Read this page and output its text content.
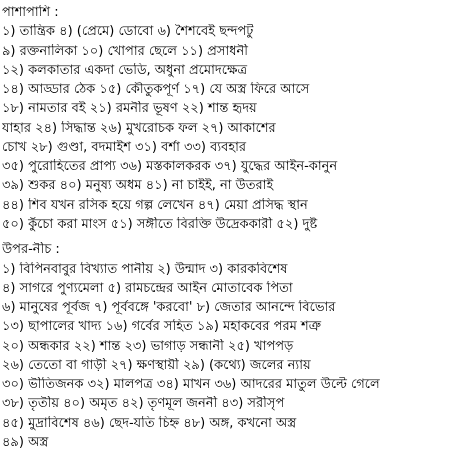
পাশাপাশি :
১) তান্ত্রিক ৪) (প্রেমে) ডোবো ৬) শৈশবেই ছন্দপটু
৯) রক্তনালিকা ১০) খোপার ছেলে ১১) প্রসাধনী
১২) কলকাতার একদা ভেডি, অধুনা প্রমোদক্ষেত্র
১৪) আড্ডার ঠেক ১৫) কৌতুকপূর্ণ ১৭) যে অস্ত্র ফিরে আসে
১৮) নামতার বই ২১) রমনীর ভূষণ ২২) শান্ত হৃদয়
যাহার ২৪) সিদ্ধান্ত ২৬) মুখরোচক ফল ২৭) আকাশের
চোখ ২৮) গুণ্ডা, বদমাইশ ৩১) বর্শা ৩৩) ব্যবহার
৩৫) পুরোহিতের প্রাপ্য ৩৬) মস্তকালকরক ৩৭) যুদ্ধের আইন-কানুন
৩৯) শুকর ৪০) মনুষ্য অধম ৪১) না চাইই, না উতরাই
৪৪) শিব যখন রসিক হয়ে গল্প লেখেন ৪৭) মেয়া প্রসিদ্ধ স্থান
৫০) কুঁচো করা মাংস ৫১) সঙ্গীতে বিরক্তি উদ্রেককারী ৫২) দুষ্ট
উপর-নীচ :
১) বিপিনবাবুর বিখ্যাত পানীয় ২) উন্মাদ ৩) কারকবিশেষ
৪) সাগরে পুণ্যমেলা ৫) রামচন্দ্রের আইন মোতাবেক পিতা
৬) মানুষের পূর্বজ ৭) পূর্ববঙ্গে 'করবো' ৮) জেতার আনন্দে বিভোর
১৩) ছাপালের খাদ্য ১৬) গর্বের সহিত ১৯) মহাকবের পরম শত্রু
২০) অন্ধকার ২২) শান্ত ২৩) ভাগাড় সন্ধানী ২৫) খাপপড়
২৬) তেতো বা গাড়ী ২৭) ক্ষণস্থায়ী ২৯) (কথ্যে) জলের ন্যায়
৩০) ভীতিজনক ৩২) মালপত্র ৩৪) মাখন ৩৬) আদরের মাতুল উল্টে গেলে
৩৮) তৃতীয় ৪০) অমৃত ৪২) তৃণমূল জননী ৪৩) সরীসৃপ
৪৫) মুদ্রাবিশেষ ৪৬) ছেদ-যতি চিহ্ন ৪৮) অঙ্গ, কখনো অস্ত্র
৪৯) অস্ত্র
